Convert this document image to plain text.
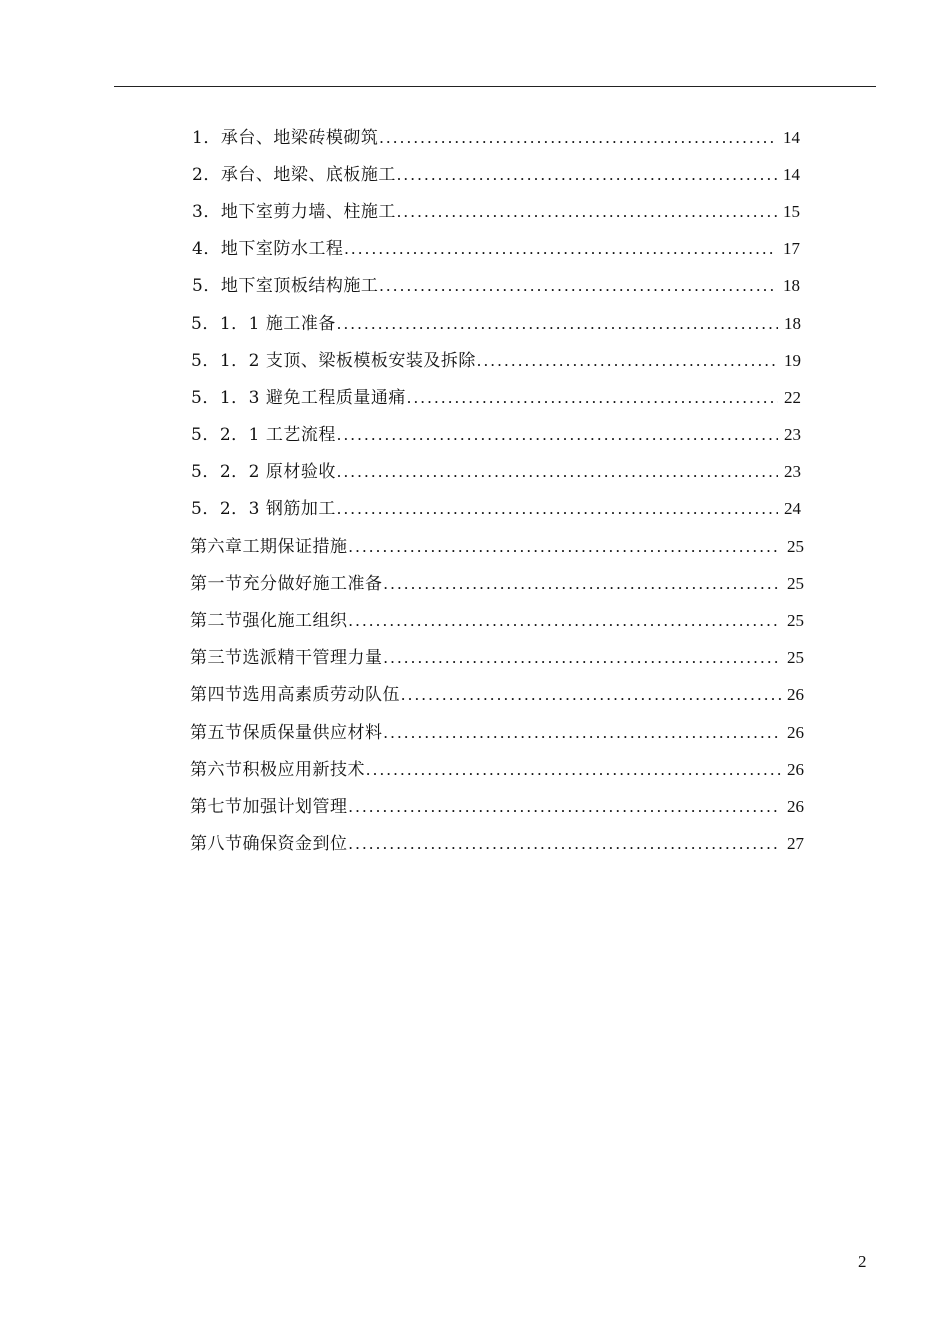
1．承台、地梁砖模砌筑 .....	14
2．承台、地梁、底板施工 .....	14
3．地下室剪力墙、柱施工 .....	15
4．地下室防水工程 .....	17
5．地下室顶板结构施工 .....	18
5．1．1 施工准备 .....	18
5．1．2 支顶、梁板模板安装及拆除 .....	19
5．1．3 避免工程质量通痛 .....	22
5．2．1 工艺流程 .....	23
5．2．2 原材验收 .....	23
5．2．3 钢筋加工 .....	24
第六章工期保证措施 .....	25
第一节充分做好施工准备 .....	25
第二节强化施工组织 .....	25
第三节选派精干管理力量 .....	25
第四节选用高素质劳动队伍 .....	26
第五节保质保量供应材料 .....	26
第六节积极应用新技术 .....	26
第七节加强计划管理 .....	26
第八节确保资金到位 .....	27
2
